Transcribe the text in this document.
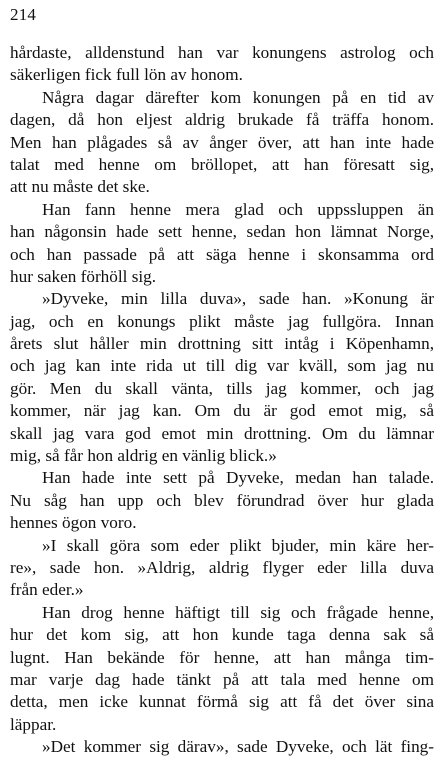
214
hårdaste, alldenstund han var konungens astrolog och
säkerligen fick full lön av honom.
Några dagar därefter kom konungen på en tid av
dagen, då hon eljest aldrig brukade få träffa honom.
Men han plågades så av ånger över, att han inte hade
talat med henne om bröllopet, att han föresatt sig,
att nu måste det ske.
Han fann henne mera glad och uppssluppen än
han någonsin hade sett henne, sedan hon lämnat Norge,
och han passade på att säga henne i skonsamma ord
hur saken förhöll sig.
»Dyveke, min lilla duva», sade han. »Konung är
jag, och en konungs plikt måste jag fullgöra. Innan
årets slut håller min drottning sitt intåg i Köpenhamn,
och jag kan inte rida ut till dig var kväll, som jag nu
gör. Men du skall vänta, tills jag kommer, och jag
kommer, när jag kan. Om du är god emot mig, så
skall jag vara god emot min drottning. Om du lämnar
mig, så får hon aldrig en vänlig blick.»
Han hade inte sett på Dyveke, medan han talade.
Nu såg han upp och blev förundrad över hur glada
hennes ögon voro.
»I skall göra som eder plikt bjuder, min käre her-
re», sade hon. »Aldrig, aldrig flyger eder lilla duva
från eder.»
Han drog henne häftigt till sig och frågade henne,
hur det kom sig, att hon kunde taga denna sak så
lugnt. Han bekände för henne, att han många tim-
mar varje dag hade tänkt på att tala med henne om
detta, men icke kunnat förmå sig att få det över sina
läppar.
»Det kommer sig därav», sade Dyveke, och lät fing-
